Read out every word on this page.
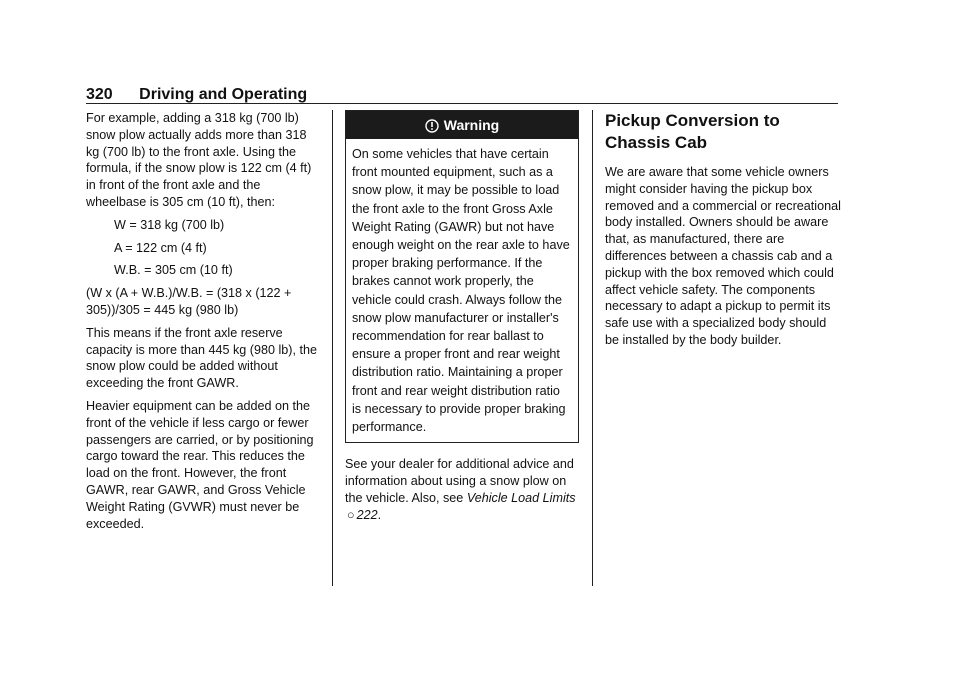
320 Driving and Operating

For example, adding a 318 kg (700 lb) snow plow actually adds more than 318 kg (700 lb) to the front axle. Using the formula, if the snow plow is 122 cm (4 ft) in front of the front axle and the wheelbase is 305 cm (10 ft), then:

W = 318 kg (700 lb)

A = 122 cm (4 ft)

W.B. = 305 cm (10 ft)

(W x (A + W.B.)/W.B. = (318 x (122 + 305))/305 = 445 kg (980 lb)

This means if the front axle reserve capacity is more than 445 kg (980 lb), the snow plow could be added without exceeding the front GAWR.

Heavier equipment can be added on the front of the vehicle if less cargo or fewer passengers are carried, or by positioning cargo toward the rear. This reduces the load on the front. However, the front GAWR, rear GAWR, and Gross Vehicle Weight Rating (GVWR) must never be exceeded.

Warning
On some vehicles that have certain front mounted equipment, such as a snow plow, it may be possible to load the front axle to the front Gross Axle Weight Rating (GAWR) but not have enough weight on the rear axle to have proper braking performance. If the brakes cannot work properly, the vehicle could crash. Always follow the snow plow manufacturer or installer's recommendation for rear ballast to ensure a proper front and rear weight distribution ratio. Maintaining a proper front and rear weight distribution ratio is necessary to provide proper braking performance.

See your dealer for additional advice and information about using a snow plow on the vehicle. Also, see Vehicle Load Limits○ 222.

Pickup Conversion to Chassis Cab

We are aware that some vehicle owners might consider having the pickup box removed and a commercial or recreational body installed. Owners should be aware that, as manufactured, there are differences between a chassis cab and a pickup with the box removed which could affect vehicle safety. The components necessary to adapt a pickup to permit its safe use with a specialized body should be installed by the body builder.
